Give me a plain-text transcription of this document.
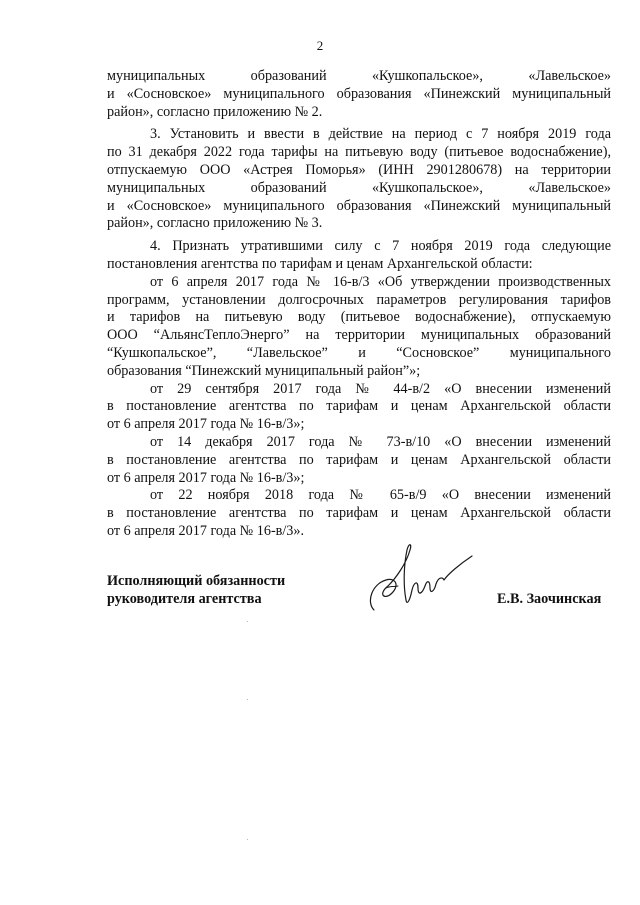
2
муниципальных образований «Кушкопальское», «Лавельское»
и «Сосновское» муниципального образования «Пинежский муниципальный
район», согласно приложению № 2.
3. Установить и ввести в действие на период с 7 ноября 2019 года
по 31 декабря 2022 года тарифы на питьевую воду (питьевое водоснабжение),
отпускаемую ООО «Астрея Поморья» (ИНН 2901280678) на территории
муниципальных образований «Кушкопальское», «Лавельское»
и «Сосновское» муниципального образования «Пинежский муниципальный
район», согласно приложению № 3.
4. Признать утратившими силу с 7 ноября 2019 года следующие
постановления агентства по тарифам и ценам Архангельской области:
от 6 апреля 2017 года № 16-в/3 «Об утверждении производственных
программ, установлении долгосрочных параметров регулирования тарифов
и тарифов на питьевую воду (питьевое водоснабжение), отпускаемую
ООО “АльянсТеплоЭнерго” на территории муниципальных образований
“Кушкопальское”, “Лавельское” и “Сосновское” муниципального
образования “Пинежский муниципальный район”»;
от 29 сентября 2017 года № 44-в/2 «О внесении изменений
в постановление агентства по тарифам и ценам Архангельской области
от 6 апреля 2017 года № 16-в/3»;
от 14 декабря 2017 года № 73-в/10 «О внесении изменений
в постановление агентства по тарифам и ценам Архангельской области
от 6 апреля 2017 года № 16-в/3»;
от 22 ноября 2018 года № 65-в/9 «О внесении изменений
в постановление агентства по тарифам и ценам Архангельской области
от 6 апреля 2017 года № 16-в/3».
Исполняющий обязанности
руководителя агентства	Е.В. Заочинская
